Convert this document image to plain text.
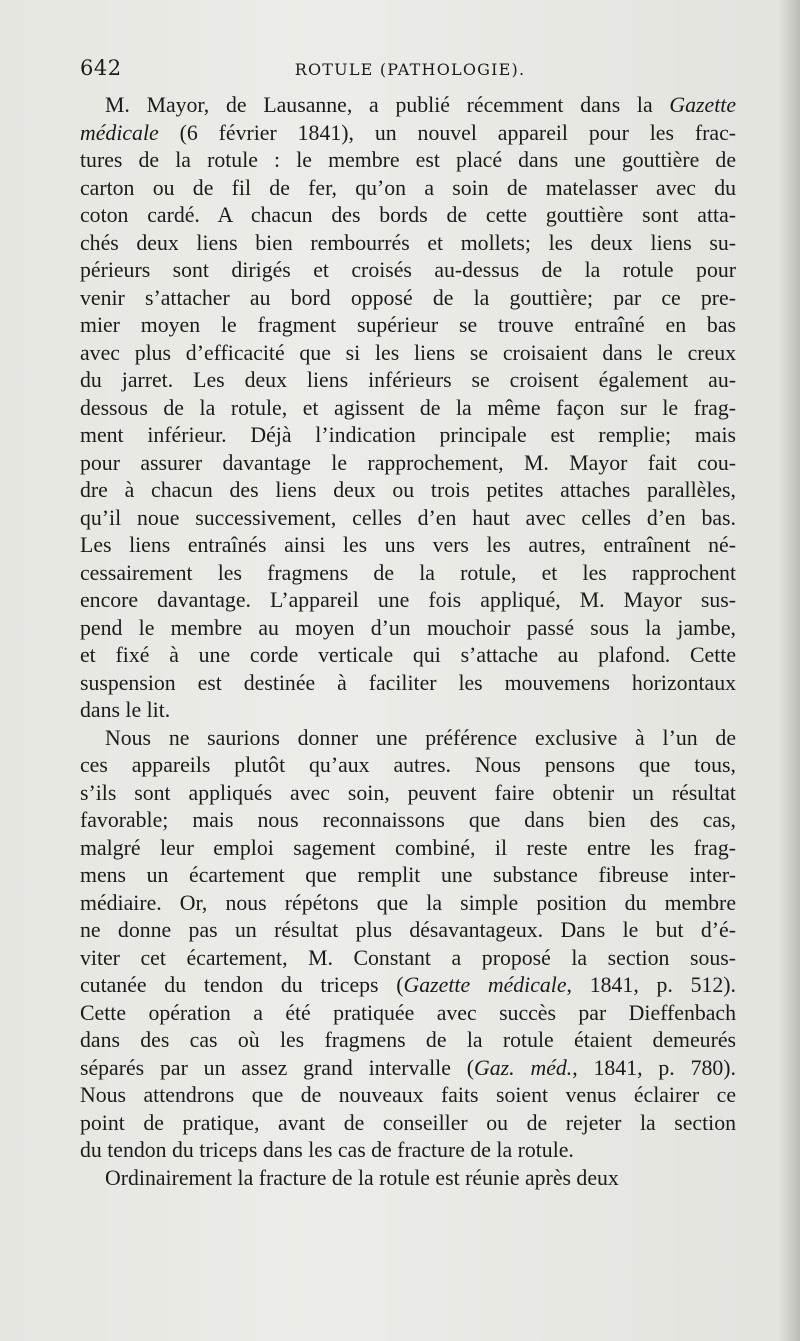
642	ROTULE (PATHOLOGIE).

M. Mayor, de Lausanne, a publié récemment dans la Gazette
médicale (6 février 1841), un nouvel appareil pour les frac-
tures de la rotule : le membre est placé dans une gouttière de
carton ou de fil de fer, qu’on a soin de matelasser avec du
coton cardé. A chacun des bords de cette gouttière sont atta-
chés deux liens bien rembourrés et mollets; les deux liens su-
périeurs sont dirigés et croisés au-dessus de la rotule pour
venir s’attacher au bord opposé de la gouttière; par ce pre-
mier moyen le fragment supérieur se trouve entraîné en bas
avec plus d’efficacité que si les liens se croisaient dans le creux
du jarret. Les deux liens inférieurs se croisent également au-
dessous de la rotule, et agissent de la même façon sur le frag-
ment inférieur. Déjà l’indication principale est remplie; mais
pour assurer davantage le rapprochement, M. Mayor fait cou-
dre à chacun des liens deux ou trois petites attaches parallèles,
qu’il noue successivement, celles d’en haut avec celles d’en bas.
Les liens entraînés ainsi les uns vers les autres, entraînent né-
cessairement les fragmens de la rotule, et les rapprochent
encore davantage. L’appareil une fois appliqué, M. Mayor sus-
pend le membre au moyen d’un mouchoir passé sous la jambe,
et fixé à une corde verticale qui s’attache au plafond. Cette
suspension est destinée à faciliter les mouvemens horizontaux
dans le lit.

Nous ne saurions donner une préférence exclusive à l’un de
ces appareils plutôt qu’aux autres. Nous pensons que tous,
s’ils sont appliqués avec soin, peuvent faire obtenir un résultat
favorable; mais nous reconnaissons que dans bien des cas,
malgré leur emploi sagement combiné, il reste entre les frag-
mens un écartement que remplit une substance fibreuse inter-
médiaire. Or, nous répétons que la simple position du membre
ne donne pas un résultat plus désavantageux. Dans le but d’é-
viter cet écartement, M. Constant a proposé la section sous-
cutanée du tendon du triceps (Gazette médicale, 1841, p. 512).
Cette opération a été pratiquée avec succès par Dieffenbach
dans des cas où les fragmens de la rotule étaient demeurés
séparés par un assez grand intervalle (Gaz. méd., 1841, p. 780).
Nous attendrons que de nouveaux faits soient venus éclairer ce
point de pratique, avant de conseiller ou de rejeter la section
du tendon du triceps dans les cas de fracture de la rotule.

Ordinairement la fracture de la rotule est réunie après deux
